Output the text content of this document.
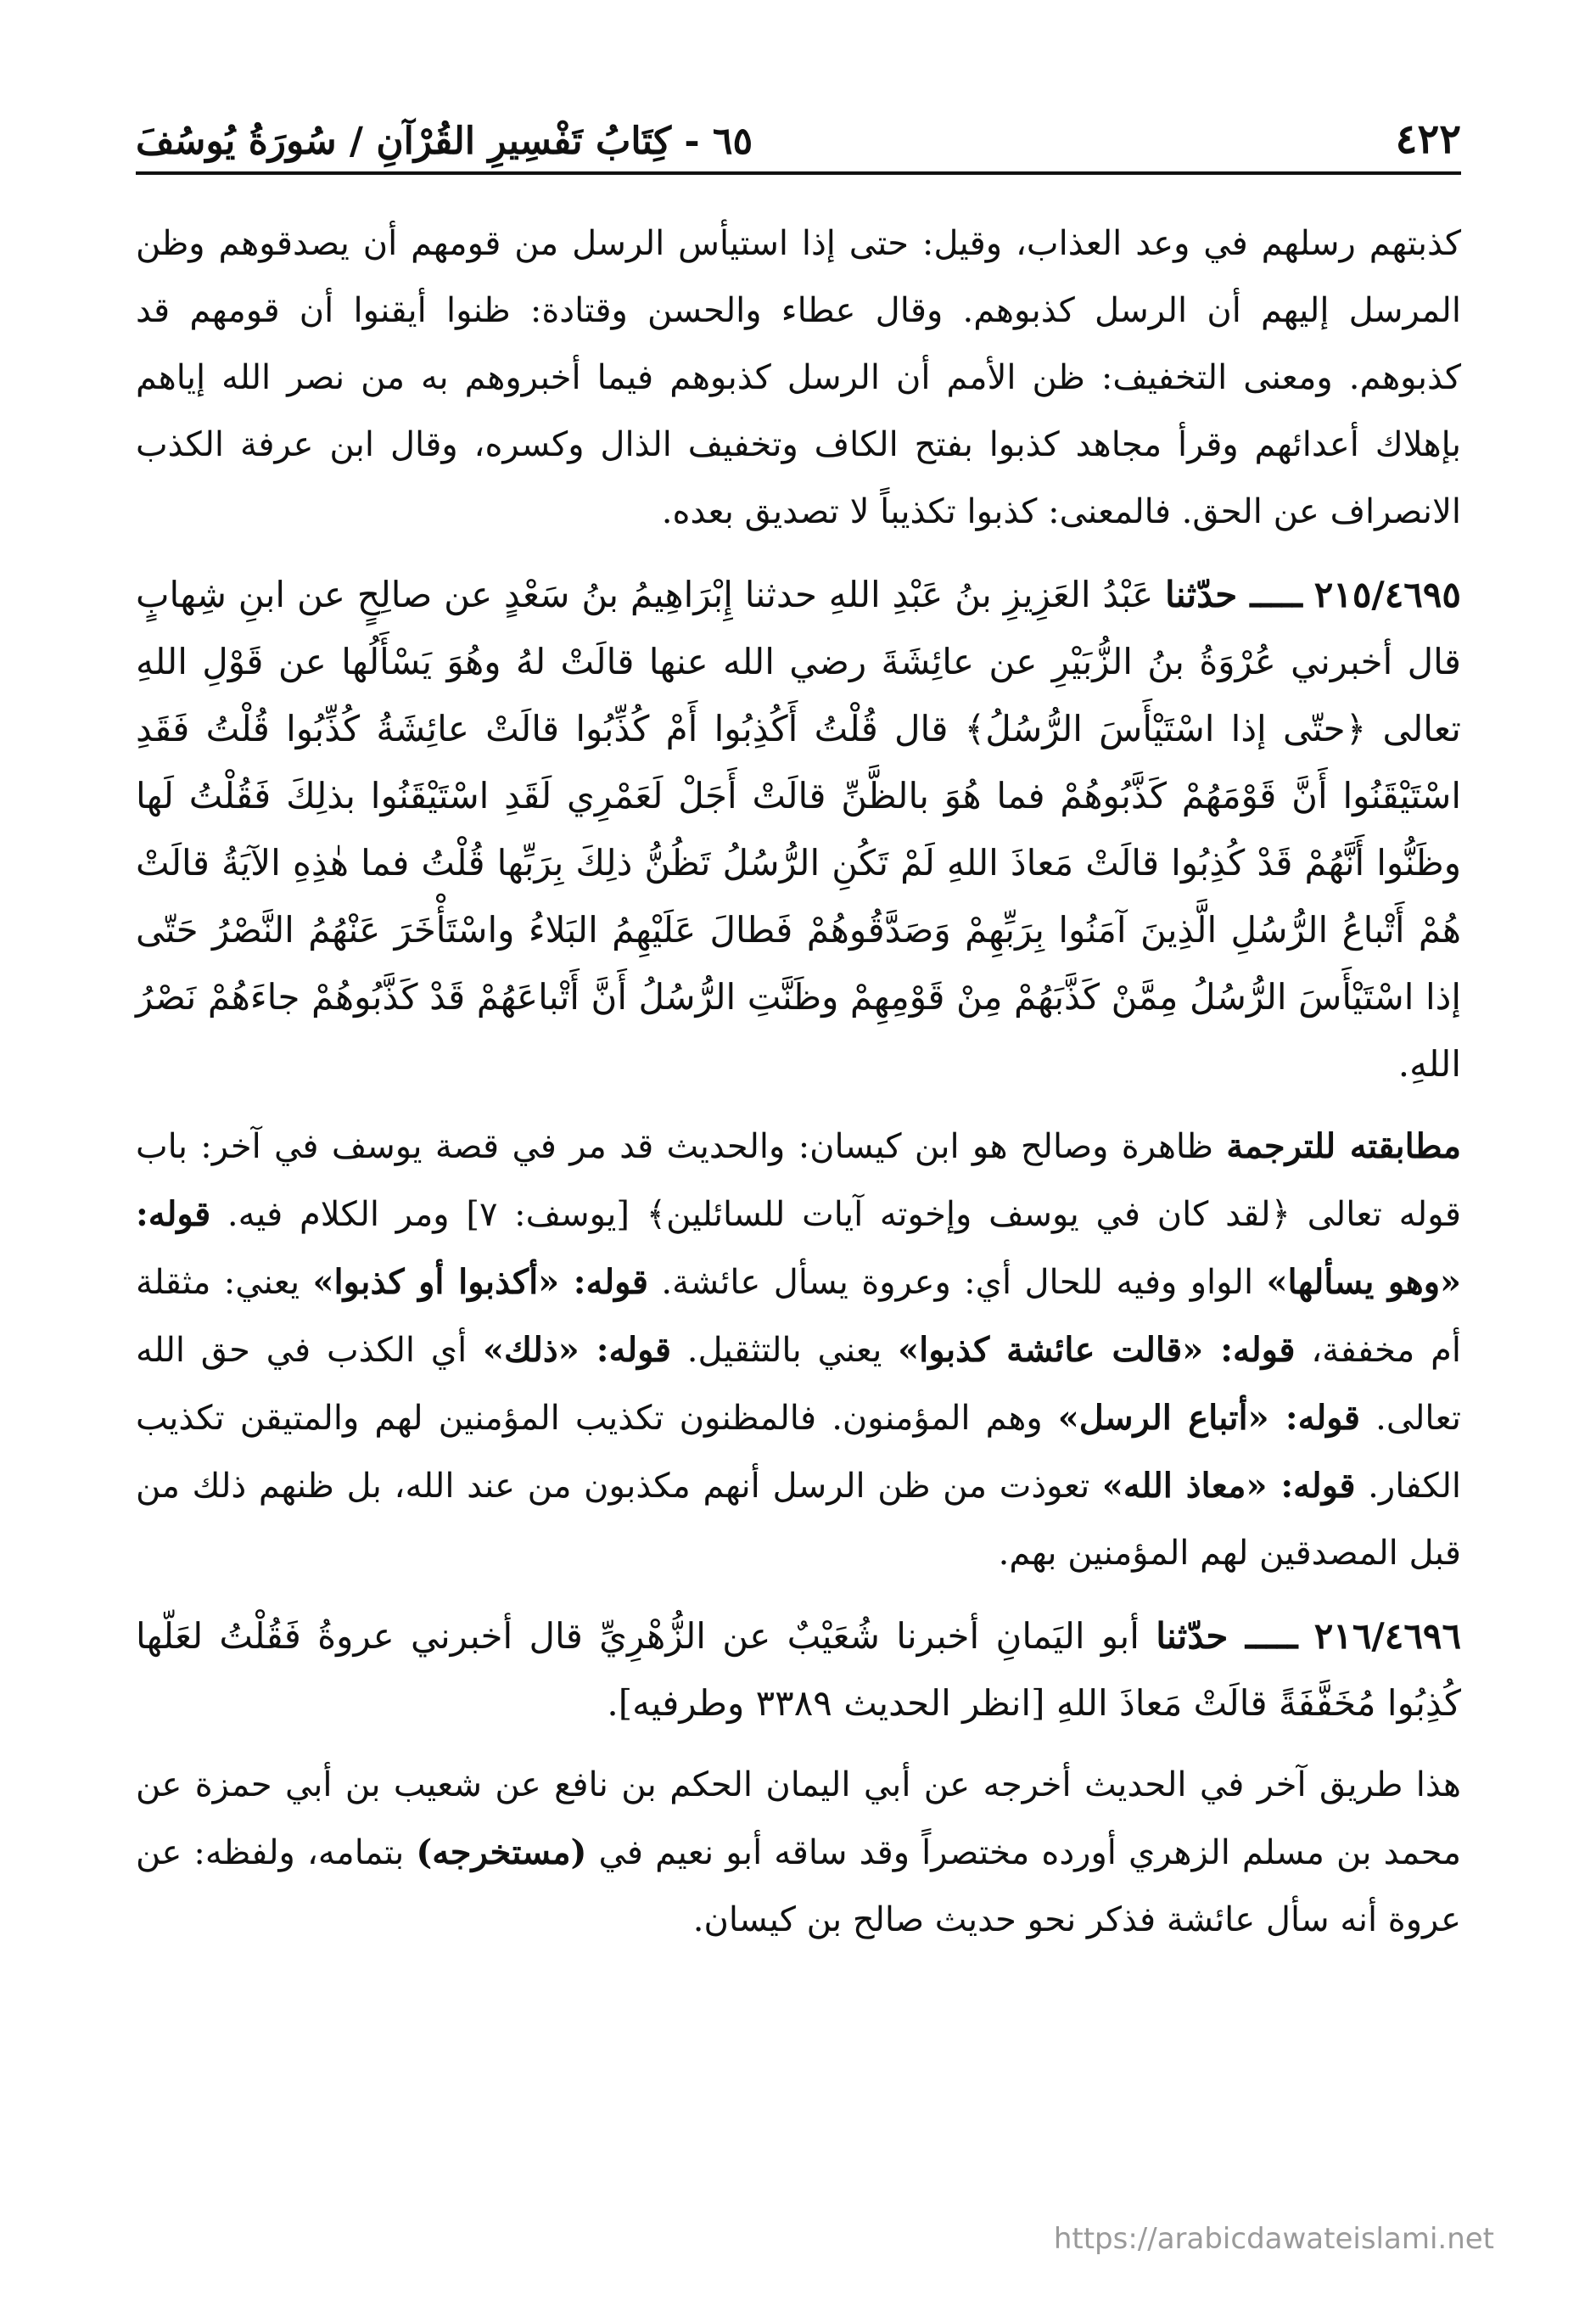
٤٢٢
٦٥ - كِتَابُ تَفْسِيرِ القُرْآنِ / سُورَةُ يُوسُفَ

كذبتهم رسلهم في وعد العذاب، وقيل: حتى إذا استيأس الرسل من قومهم أن يصدقوهم وظن المرسل إليهم أن الرسل كذبوهم. وقال عطاء والحسن وقتادة: ظنوا أيقنوا أن قومهم قد كذبوهم. ومعنى التخفيف: ظن الأمم أن الرسل كذبوهم فيما أخبروهم به من نصر الله إياهم بإهلاك أعدائهم وقرأ مجاهد كذبوا بفتح الكاف وتخفيف الذال وكسره، وقال ابن عرفة الكذب الانصراف عن الحق. فالمعنى: كذبوا تكذيباً لا تصديق بعده.

٢١٥/٤٦٩٥ ـــــ حدّثنا عَبْدُ العَزِيزِ بنُ عَبْدِ اللهِ حدثنا إِبْرَاهِيمُ بنُ سَعْدٍ عن صالِحٍ عن ابنِ شِهابٍ قال أخبرني عُرْوَةُ بنُ الزُّبَيْرِ عن عائِشَةَ رضي الله عنها قالَتْ لهُ وهُوَ يَسْأَلُها عن قَوْلِ اللهِ تعالى ﴿حتّى إذا اسْتَيْأَسَ الرُّسُلُ﴾ قال قُلْتُ أَكُذِبُوا أَمْ كُذِّبُوا قالَتْ عائِشَةُ كُذِّبُوا قُلْتُ فَقَدِ اسْتَيْقَنُوا أَنَّ قَوْمَهُمْ كَذَّبُوهُمْ فما هُوَ بالظَّنِّ قالَتْ أَجَلْ لَعَمْرِي لَقَدِ اسْتَيْقَنُوا بذلِكَ فَقُلْتُ لَها وظَنُّوا أَنَّهُمْ قَدْ كُذِبُوا قالَتْ مَعاذَ اللهِ لَمْ تَكُنِ الرُّسُلُ تَظُنُّ ذلِكَ بِرَبِّها قُلْتُ فما هٰذِهِ الآيَةُ قالَتْ هُمْ أَتْباعُ الرُّسُلِ الَّذِينَ آمَنُوا بِرَبِّهِمْ وَصَدَّقُوهُمْ فَطالَ عَلَيْهِمُ البَلاءُ واسْتَأْخَرَ عَنْهُمُ النَّصْرُ حَتّى إذا اسْتَيْأَسَ الرُّسُلُ مِمَّنْ كَذَّبَهُمْ مِنْ قَوْمِهِمْ وظَنَّتِ الرُّسُلُ أَنَّ أَتْباعَهُمْ قَدْ كَذَّبُوهُمْ جاءَهُمْ نَصْرُ اللهِ.

مطابقته للترجمة ظاهرة وصالح هو ابن كيسان: والحديث قد مر في قصة يوسف في آخر: باب قوله تعالى ﴿لقد كان في يوسف وإخوته آيات للسائلين﴾ [يوسف: ٧] ومر الكلام فيه. قوله: «وهو يسألها» الواو وفيه للحال أي: وعروة يسأل عائشة. قوله: «أكذبوا أو كذبوا» يعني: مثقلة أم مخففة، قوله: «قالت عائشة كذبوا» يعني بالتثقيل. قوله: «ذلك» أي الكذب في حق الله تعالى. قوله: «أتباع الرسل» وهم المؤمنون. فالمظنون تكذيب المؤمنين لهم والمتيقن تكذيب الكفار. قوله: «معاذ الله» تعوذت من ظن الرسل أنهم مكذبون من عند الله، بل ظنهم ذلك من قبل المصدقين لهم المؤمنين بهم.

٢١٦/٤٦٩٦ ـــــ حدّثنا أبو اليَمانِ أخبرنا شُعَيْبٌ عن الزُّهْرِيِّ قال أخبرني عروةُ فَقُلْتُ لعَلّها كُذِبُوا مُخَفَّفَةً قالَتْ مَعاذَ اللهِ [انظر الحديث ٣٣٨٩ وطرفيه].

هذا طريق آخر في الحديث أخرجه عن أبي اليمان الحكم بن نافع عن شعيب بن أبي حمزة عن محمد بن مسلم الزهري أورده مختصراً وقد ساقه أبو نعيم في (مستخرجه) بتمامه، ولفظه: عن عروة أنه سأل عائشة فذكر نحو حديث صالح بن كيسان.

https://arabicdawateislami.net
